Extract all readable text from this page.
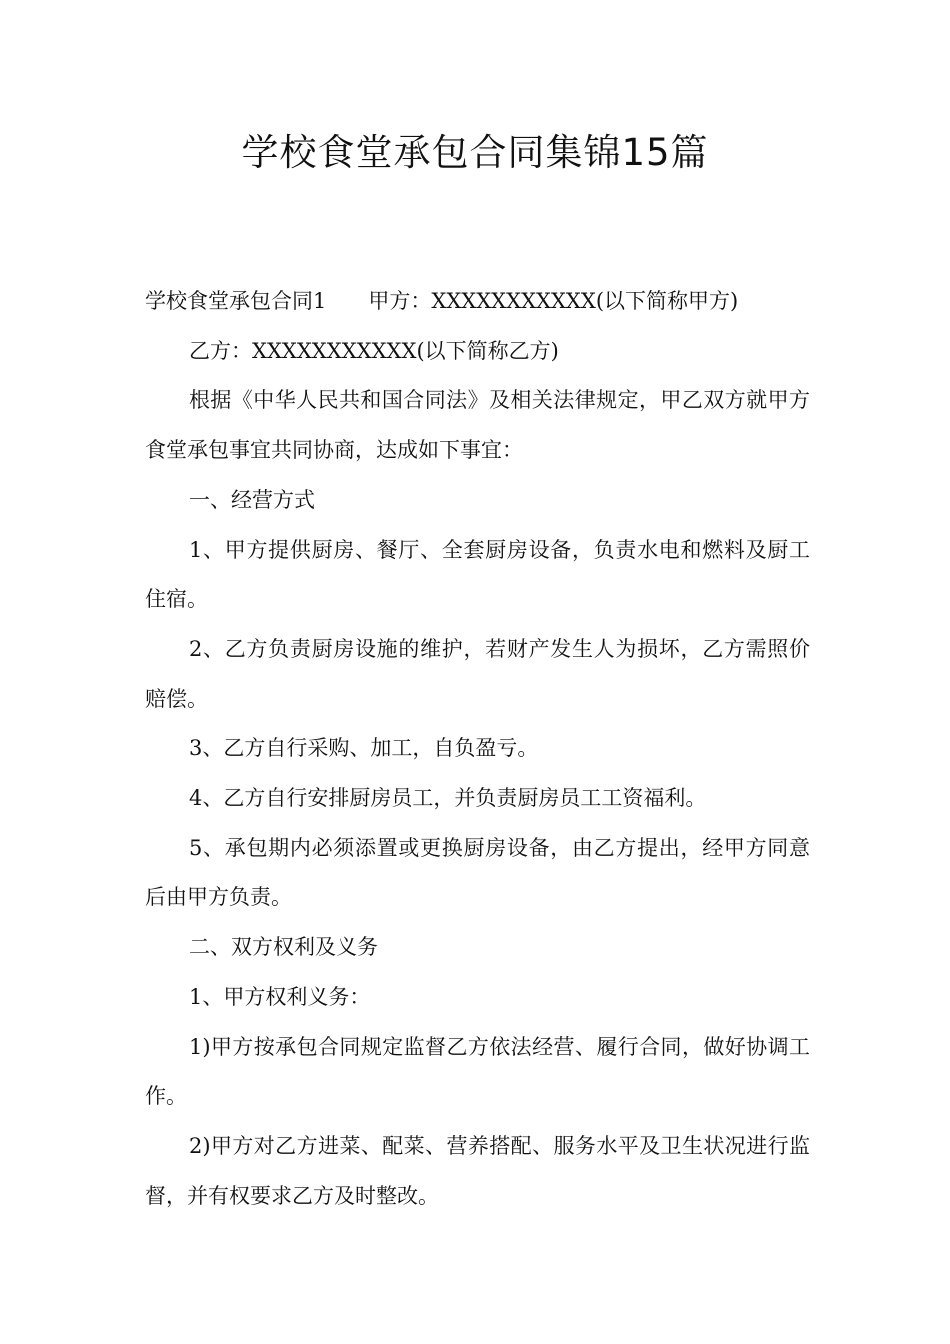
学校食堂承包合同集锦15篇

学校食堂承包合同1 甲方：XXXXXXXXXXX(以下简称甲方)

乙方：XXXXXXXXXXX(以下简称乙方)

根据《中华人民共和国合同法》及相关法律规定，甲乙双方就甲方食堂承包事宜共同协商，达成如下事宜：

一、经营方式

1、甲方提供厨房、餐厅、全套厨房设备，负责水电和燃料及厨工住宿。

2、乙方负责厨房设施的维护，若财产发生人为损坏，乙方需照价赔偿。

3、乙方自行采购、加工，自负盈亏。

4、乙方自行安排厨房员工，并负责厨房员工工资福利。

5、承包期内必须添置或更换厨房设备，由乙方提出，经甲方同意后由甲方负责。

二、双方权利及义务

1、甲方权利义务：

1)甲方按承包合同规定监督乙方依法经营、履行合同，做好协调工作。

2)甲方对乙方进菜、配菜、营养搭配、服务水平及卫生状况进行监督，并有权要求乙方及时整改。
